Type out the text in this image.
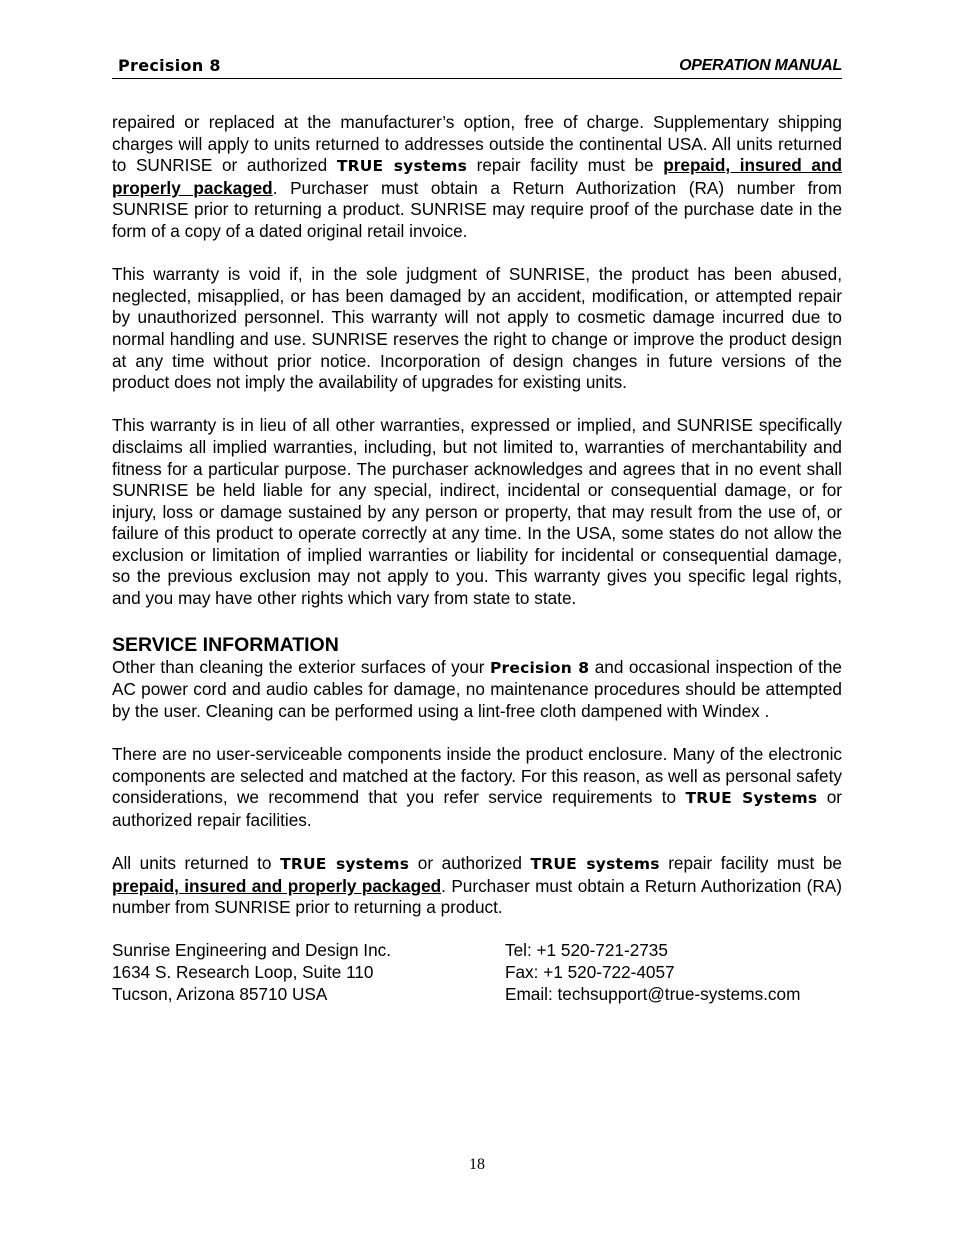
Precision 8	OPERATION MANUAL

repaired or replaced at the manufacturer’s option, free of charge. Supplementary shipping charges will apply to units returned to addresses outside the continental USA. All units returned to SUNRISE or authorized TRUE systems repair facility must be prepaid, insured and properly packaged. Purchaser must obtain a Return Authorization (RA) number from SUNRISE prior to returning a product. SUNRISE may require proof of the purchase date in the form of a copy of a dated original retail invoice.

This warranty is void if, in the sole judgment of SUNRISE, the product has been abused, neglected, misapplied, or has been damaged by an accident, modification, or attempted repair by unauthorized personnel. This warranty will not apply to cosmetic damage incurred due to normal handling and use. SUNRISE reserves the right to change or improve the product design at any time without prior notice. Incorporation of design changes in future versions of the product does not imply the availability of upgrades for existing units.

This warranty is in lieu of all other warranties, expressed or implied, and SUNRISE specifically disclaims all implied warranties, including, but not limited to, warranties of merchantability and fitness for a particular purpose. The purchaser acknowledges and agrees that in no event shall SUNRISE be held liable for any special, indirect, incidental or consequential damage, or for injury, loss or damage sustained by any person or property, that may result from the use of, or failure of this product to operate correctly at any time. In the USA, some states do not allow the exclusion or limitation of implied warranties or liability for incidental or consequential damage, so the previous exclusion may not apply to you. This warranty gives you specific legal rights, and you may have other rights which vary from state to state.

SERVICE INFORMATION

Other than cleaning the exterior surfaces of your Precision 8 and occasional inspection of the AC power cord and audio cables for damage, no maintenance procedures should be attempted by the user. Cleaning can be performed using a lint-free cloth dampened with Windex .

There are no user-serviceable components inside the product enclosure. Many of the electronic components are selected and matched at the factory. For this reason, as well as personal safety considerations, we recommend that you refer service requirements to TRUE Systems or authorized repair facilities.

All units returned to TRUE systems or authorized TRUE systems repair facility must be prepaid, insured and properly packaged. Purchaser must obtain a Return Authorization (RA) number from SUNRISE prior to returning a product.

Sunrise Engineering and Design Inc.
1634 S. Research Loop, Suite 110
Tucson, Arizona 85710 USA
Tel: +1 520-721-2735
Fax: +1 520-722-4057
Email: techsupport@true-systems.com
18
